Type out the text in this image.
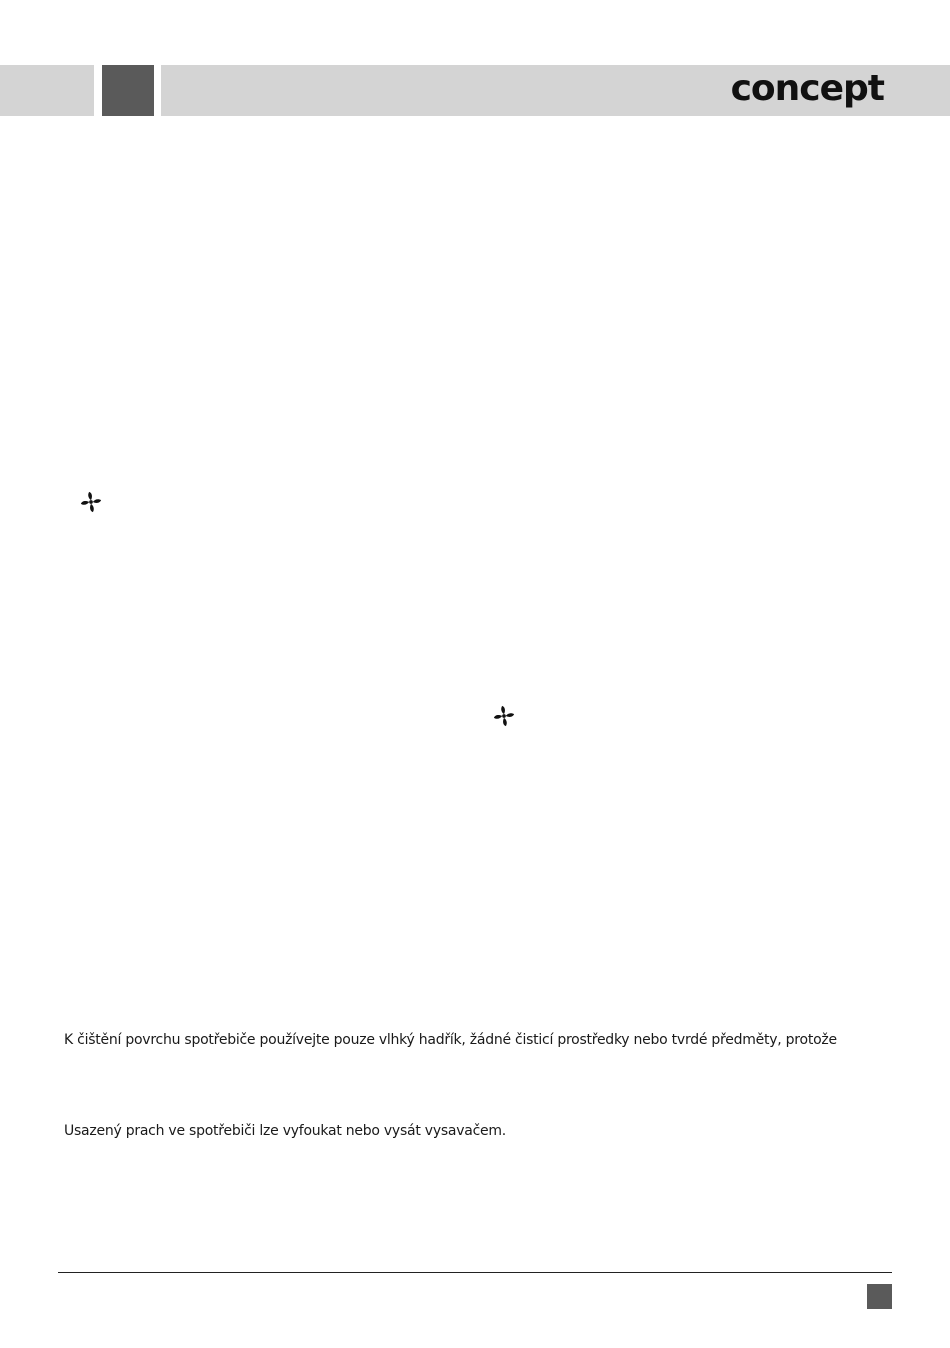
concept
K čištění povrchu spotřebiče používejte pouze vlhký hadřík, žádné čisticí prostředky nebo tvrdé předměty, protože
Usazený prach ve spotřebiči lze vyfoukat nebo vysát vysavačem.
